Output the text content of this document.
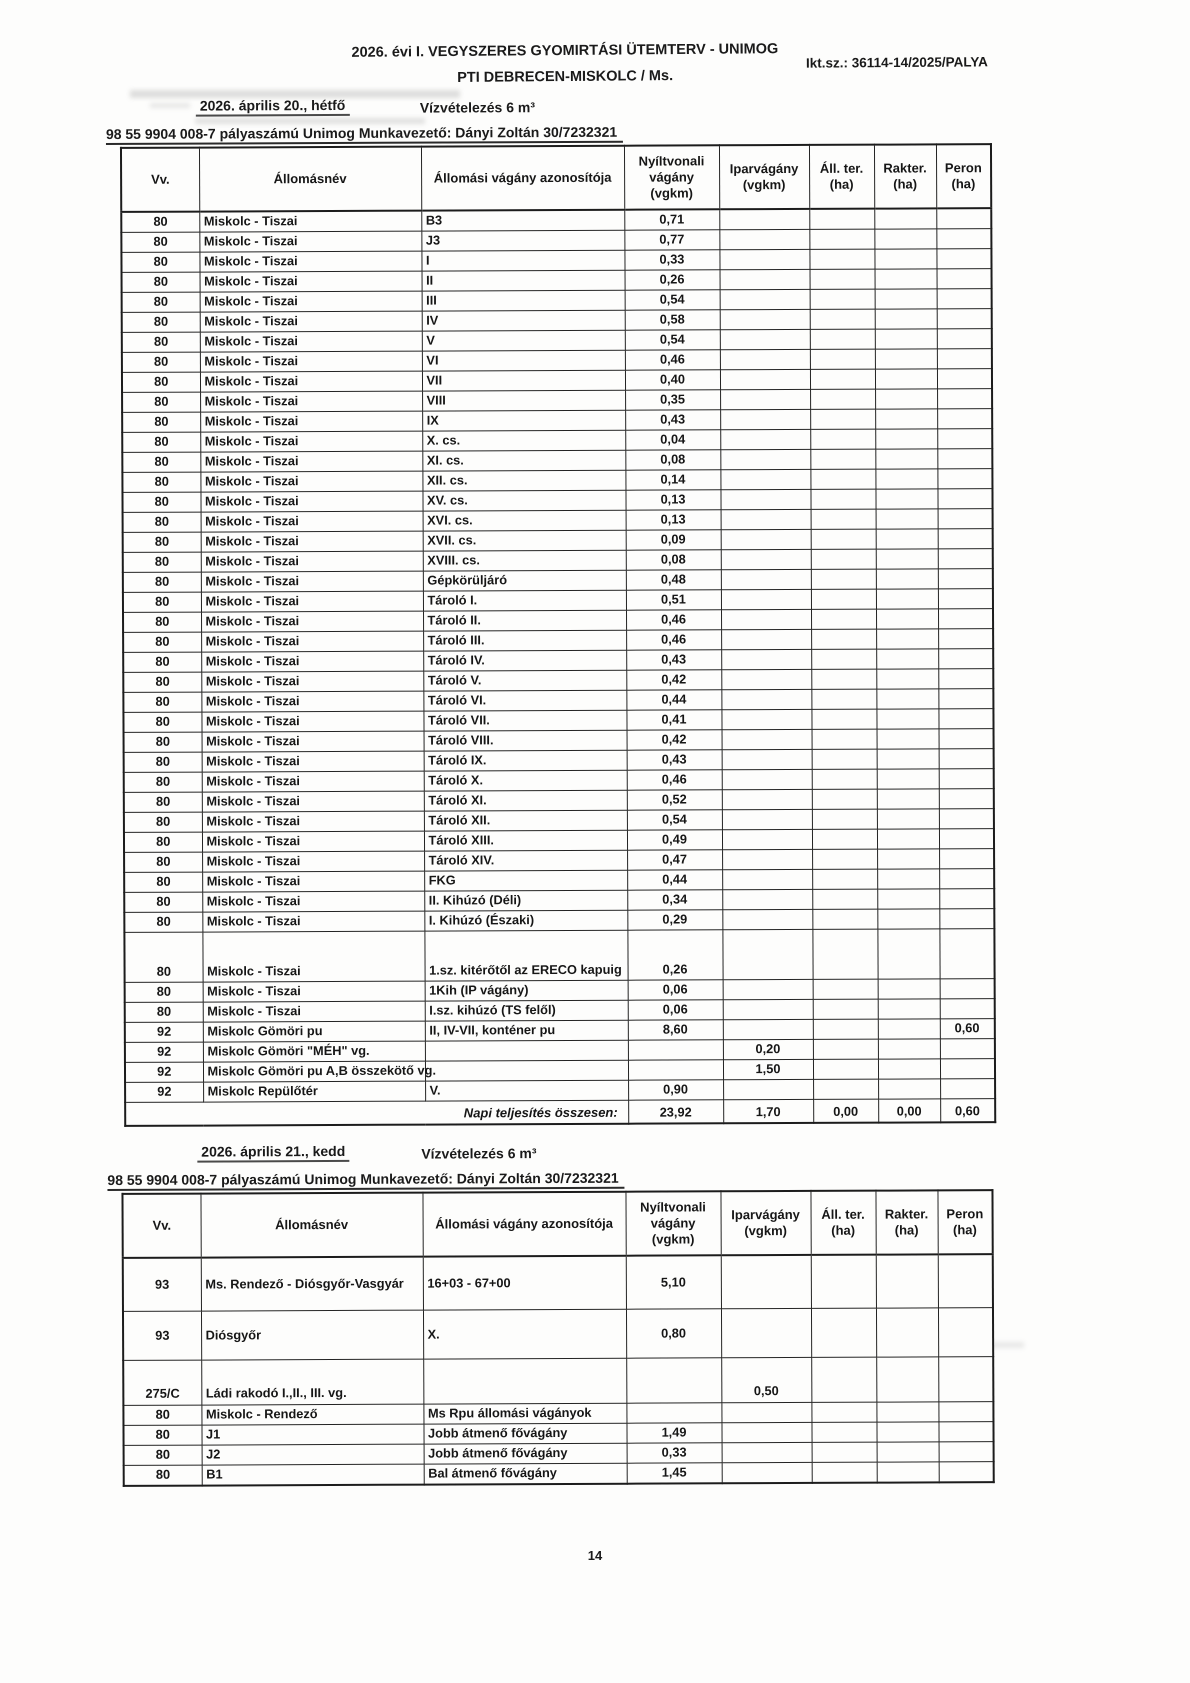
2026. évi I. VEGYSZERES GYOMIRTÁSI ÜTEMTERV - UNIMOG
PTI DEBRECEN-MISKOLC / Ms.
Ikt.sz.: 36114-14/2025/PALYA
2026. április 20., hétfő	Vízvételezés 6 m³
98 55 9904 008-7 pályaszámú Unimog Munkavezető: Dányi Zoltán 30/7232321
Vv.	Állomásnév	Állomási vágány azonosítója	Nyíltvonali
vágány
(vgkm)	Iparvágány
(vgkm)	Áll. ter.
(ha)	Rakter.
(ha)	Peron
(ha)
80	Miskolc - Tiszai	B3	0,71				
80	Miskolc - Tiszai	J3	0,77				
80	Miskolc - Tiszai	I	0,33				
80	Miskolc - Tiszai	II	0,26				
80	Miskolc - Tiszai	III	0,54				
80	Miskolc - Tiszai	IV	0,58				
80	Miskolc - Tiszai	V	0,54				
80	Miskolc - Tiszai	VI	0,46				
80	Miskolc - Tiszai	VII	0,40				
80	Miskolc - Tiszai	VIII	0,35				
80	Miskolc - Tiszai	IX	0,43				
80	Miskolc - Tiszai	X. cs.	0,04				
80	Miskolc - Tiszai	XI. cs.	0,08				
80	Miskolc - Tiszai	XII. cs.	0,14				
80	Miskolc - Tiszai	XV. cs.	0,13				
80	Miskolc - Tiszai	XVI. cs.	0,13				
80	Miskolc - Tiszai	XVII. cs.	0,09				
80	Miskolc - Tiszai	XVIII. cs.	0,08				
80	Miskolc - Tiszai	Gépkörüljáró	0,48				
80	Miskolc - Tiszai	Tároló I.	0,51				
80	Miskolc - Tiszai	Tároló II.	0,46				
80	Miskolc - Tiszai	Tároló III.	0,46				
80	Miskolc - Tiszai	Tároló IV.	0,43				
80	Miskolc - Tiszai	Tároló V.	0,42				
80	Miskolc - Tiszai	Tároló VI.	0,44				
80	Miskolc - Tiszai	Tároló VII.	0,41				
80	Miskolc - Tiszai	Tároló VIII.	0,42				
80	Miskolc - Tiszai	Tároló IX.	0,43				
80	Miskolc - Tiszai	Tároló X.	0,46				
80	Miskolc - Tiszai	Tároló XI.	0,52				
80	Miskolc - Tiszai	Tároló XII.	0,54				
80	Miskolc - Tiszai	Tároló XIII.	0,49				
80	Miskolc - Tiszai	Tároló XIV.	0,47				
80	Miskolc - Tiszai	FKG	0,44				
80	Miskolc - Tiszai	II. Kihúzó (Déli)	0,34				
80	Miskolc - Tiszai	I. Kihúzó (Északi)	0,29				
80	Miskolc - Tiszai	1.sz. kitérőtől az ERECO kapuig	0,26				
80	Miskolc - Tiszai	1Kih (IP vágány)	0,06				
80	Miskolc - Tiszai	I.sz. kihúzó (TS felől)	0,06				
92	Miskolc Gömöri pu	II, IV-VII, konténer pu	8,60				0,60
92	Miskolc Gömöri "MÉH" vg.			0,20			
92	Miskolc Gömöri pu A,B összekötő vg.			1,50			
92	Miskolc Repülőtér	V.	0,90				
Napi teljesítés összesen:			23,92	1,70	0,00	0,00	0,60
2026. április 21., kedd	Vízvételezés 6 m³
98 55 9904 008-7 pályaszámú Unimog Munkavezető: Dányi Zoltán 30/7232321
Vv.	Állomásnév	Állomási vágány azonosítója	Nyíltvonali
vágány
(vgkm)	Iparvágány
(vgkm)	Áll. ter.
(ha)	Rakter.
(ha)	Peron
(ha)
93	Ms. Rendező - Diósgyőr-Vasgyár	16+03 - 67+00	5,10				
93	Diósgyőr	X.	0,80				
275/C	Ládi rakodó I.,II., III. vg.			0,50			
80	Miskolc - Rendező	Ms Rpu állomási vágányok					
80	J1	Jobb átmenő fővágány	1,49				
80	J2	Jobb átmenő fővágány	0,33				
80	B1	Bal átmenő fővágány	1,45				
14
